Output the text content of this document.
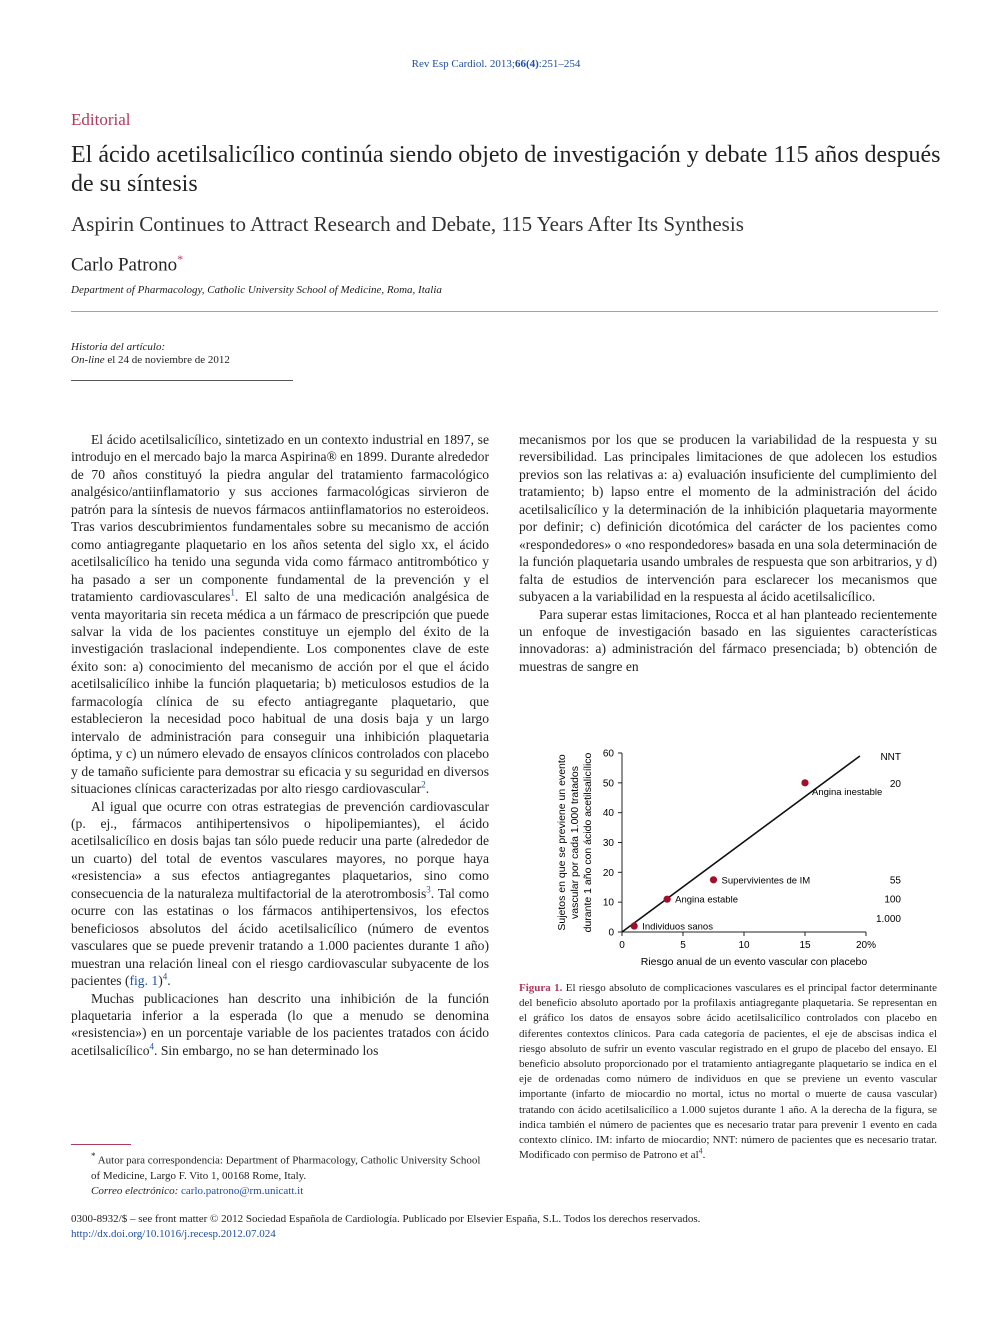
Rev Esp Cardiol. 2013;66(4):251–254
Editorial
El ácido acetilsalicílico continúa siendo objeto de investigación y debate 115 años después de su síntesis
Aspirin Continues to Attract Research and Debate, 115 Years After Its Synthesis
Carlo Patrono*
Department of Pharmacology, Catholic University School of Medicine, Roma, Italia
Historia del artículo:
On-line el 24 de noviembre de 2012

El ácido acetilsalicílico, sintetizado en un contexto industrial en 1897, se introdujo en el mercado bajo la marca Aspirina® en 1899. Durante alrededor de 70 años constituyó la piedra angular del tratamiento farmacológico analgésico/antiinflamatorio y sus acciones farmacológicas sirvieron de patrón para la síntesis de nuevos fármacos antiinflamatorios no esteroideos. Tras varios descubrimientos fundamentales sobre su mecanismo de acción como antiagregante plaquetario en los años setenta del siglo xx, el ácido acetilsalicílico ha tenido una segunda vida como fármaco antitrombótico y ha pasado a ser un componente fundamental de la prevención y el tratamiento cardiovasculares$^1$. El salto de una medicación analgésica de venta mayoritaria sin receta médica a un fármaco de prescripción que puede salvar la vida de los pacientes constituye un ejemplo del éxito de la investigación traslacional independiente. Los componentes clave de este éxito son: a) conocimiento del mecanismo de acción por el que el ácido acetilsalicílico inhibe la función plaquetaria; b) meticulosos estudios de la farmacología clínica de su efecto antiagregante plaquetario, que establecieron la necesidad poco habitual de una dosis baja y un largo intervalo de administración para conseguir una inhibición plaquetaria óptima, y c) un número elevado de ensayos clínicos controlados con placebo y de tamaño suficiente para demostrar su eficacia y su seguridad en diversos situaciones clínicas caracterizadas por alto riesgo cardiovascular$^2$.

Al igual que ocurre con otras estrategias de prevención cardiovascular (p. ej., fármacos antihipertensivos o hipolipemiantes), el ácido acetilsalicílico en dosis bajas tan sólo puede reducir una parte (alrededor de un cuarto) del total de eventos vasculares mayores, no porque haya «resistencia» a sus efectos antiagregantes plaquetarios, sino como consecuencia de la naturaleza multifactorial de la aterotrombosis$^3$. Tal como ocurre con las estatinas o los fármacos antihipertensivos, los efectos beneficiosos absolutos del ácido acetilsalicílico (número de eventos vasculares que se puede prevenir tratando a 1.000 pacientes durante 1 año) muestran una relación lineal con el riesgo cardiovascular subyacente de los pacientes (fig. 1)$^4$.

Muchas publicaciones han descrito una inhibición de la función plaquetaria inferior a la esperada (lo que a menudo se denomina «resistencia») en un porcentaje variable de los pacientes tratados con ácido acetilsalicílico$^4$. Sin embargo, no se han determinado los

mecanismos por los que se producen la variabilidad de la respuesta y su reversibilidad. Las principales limitaciones de que adolecen los estudios previos son las relativas a: a) evaluación insuficiente del cumplimiento del tratamiento; b) lapso entre el momento de la administración del ácido acetilsalicílico y la determinación de la inhibición plaquetaria mayormente por definir; c) definición dicotómica del carácter de los pacientes como «respondedores» o «no respondedores» basada en una sola determinación de la función plaquetaria usando umbrales de respuesta que son arbitrarios, y d) falta de estudios de intervención para esclarecer los mecanismos que subyacen a la variabilidad en la respuesta al ácido acetilsalicílico.

Para superar estas limitaciones, Rocca et al han planteado recientemente un enfoque de investigación basado en las siguientes características innovadoras: a) administración del fármaco presenciada; b) obtención de muestras de sangre en

* Autor para correspondencia: Department of Pharmacology, Catholic University School of Medicine, Largo F. Vito 1, 00168 Rome, Italy.
Correo electrónico: carlo.patrono@rm.unicatt.it
Sujetos en que se previene un evento vascular por cada 1.000 tratados durante 1 año con ácido acetilsalicílico
Riesgo anual de un evento vascular con placebo
NNT
0
10
20
30
40
50
60
0	5	10	15	20%
Individuos sanos
1.000
Angina estable	100
Supervivientes de IM	55
Angina inestable
20
Figura 1. El riesgo absoluto de complicaciones vasculares es el principal factor determinante del beneficio absoluto aportado por la profilaxis antiagregante plaquetaria. Se representan en el gráfico los datos de ensayos sobre ácido acetilsalicílico controlados con placebo en diferentes contextos clínicos. Para cada categoría de pacientes, el eje de abscisas indica el riesgo absoluto de sufrir un evento vascular registrado en el grupo de placebo del ensayo. El beneficio absoluto proporcionado por el tratamiento antiagregante plaquetario se indica en el eje de ordenadas como número de individuos en que se previene un evento vascular importante (infarto de miocardio no mortal, ictus no mortal o muerte de causa vascular) tratando con ácido acetilsalicílico a 1.000 sujetos durante 1 año. A la derecha de la figura, se indica también el número de pacientes que es necesario tratar para prevenir 1 evento en cada contexto clínico. IM: infarto de miocardio; NNT: número de pacientes que es necesario tratar. Modificado con permiso de Patrono et $al^4$.
0300-8932/$ – see front matter © 2012 Sociedad Española de Cardiología. Publicado por Elsevier España, S.L. Todos los derechos reservados.
http://dx.doi.org/10.1016/j.recesp.2012.07.024
